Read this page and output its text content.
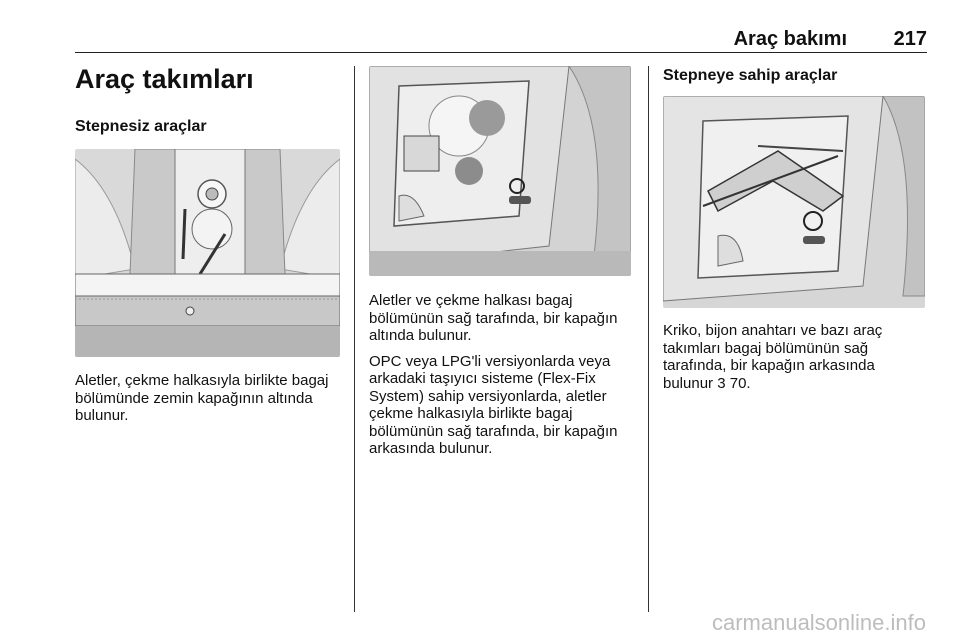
Araç bakımı 217
Araç takımları
Stepnesiz araçlar

Aletler, çekme halkasıyla birlikte bagaj bölümünde zemin kapağının altında bulunur.

Aletler ve çekme halkası bagaj bölümünün sağ tarafında, bir kapağın altında bulunur.

OPC veya LPG'li versiyonlarda veya arkadaki taşıyıcı sisteme (Flex-Fix System) sahip versiyonlarda, aletler çekme halkasıyla birlikte bagaj bölümünün sağ tarafında, bir kapağın arkasında bulunur.

Stepneye sahip araçlar

Kriko, bijon anahtarı ve bazı araç takımları bagaj bölümünün sağ tarafında, bir kapağın arkasında bulunur 3 70.

carmanualsonline.info
